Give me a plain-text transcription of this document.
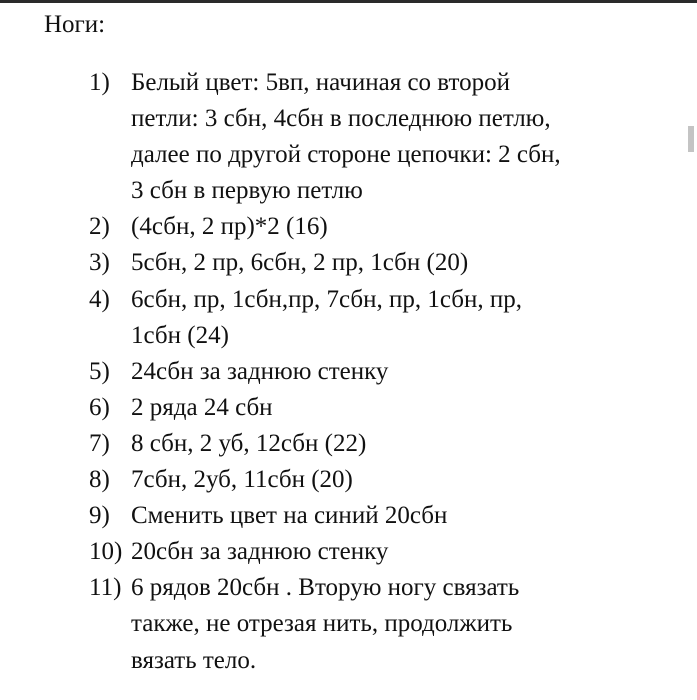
Ноги:
1) Белый цвет: 5вп, начиная со второй
петли: 3 сбн, 4сбн в последнюю петлю,
далее по другой стороне цепочки: 2 сбн,
3 сбн в первую петлю
2) (4сбн, 2 пр)*2 (16)
3) 5сбн, 2 пр, 6сбн, 2 пр, 1сбн (20)
4) 6сбн, пр, 1сбн,пр, 7сбн, пр, 1сбн, пр,
1сбн (24)
5) 24сбн за заднюю стенку
6) 2 ряда 24 сбн
7) 8 сбн, 2 уб, 12сбн (22)
8) 7сбн, 2уб, 11сбн (20)
9) Сменить цвет на синий 20сбн
10) 20сбн за заднюю стенку
11) 6 рядов 20сбн . Вторую ногу связать
также, не отрезая нить, продолжить
вязать тело.
